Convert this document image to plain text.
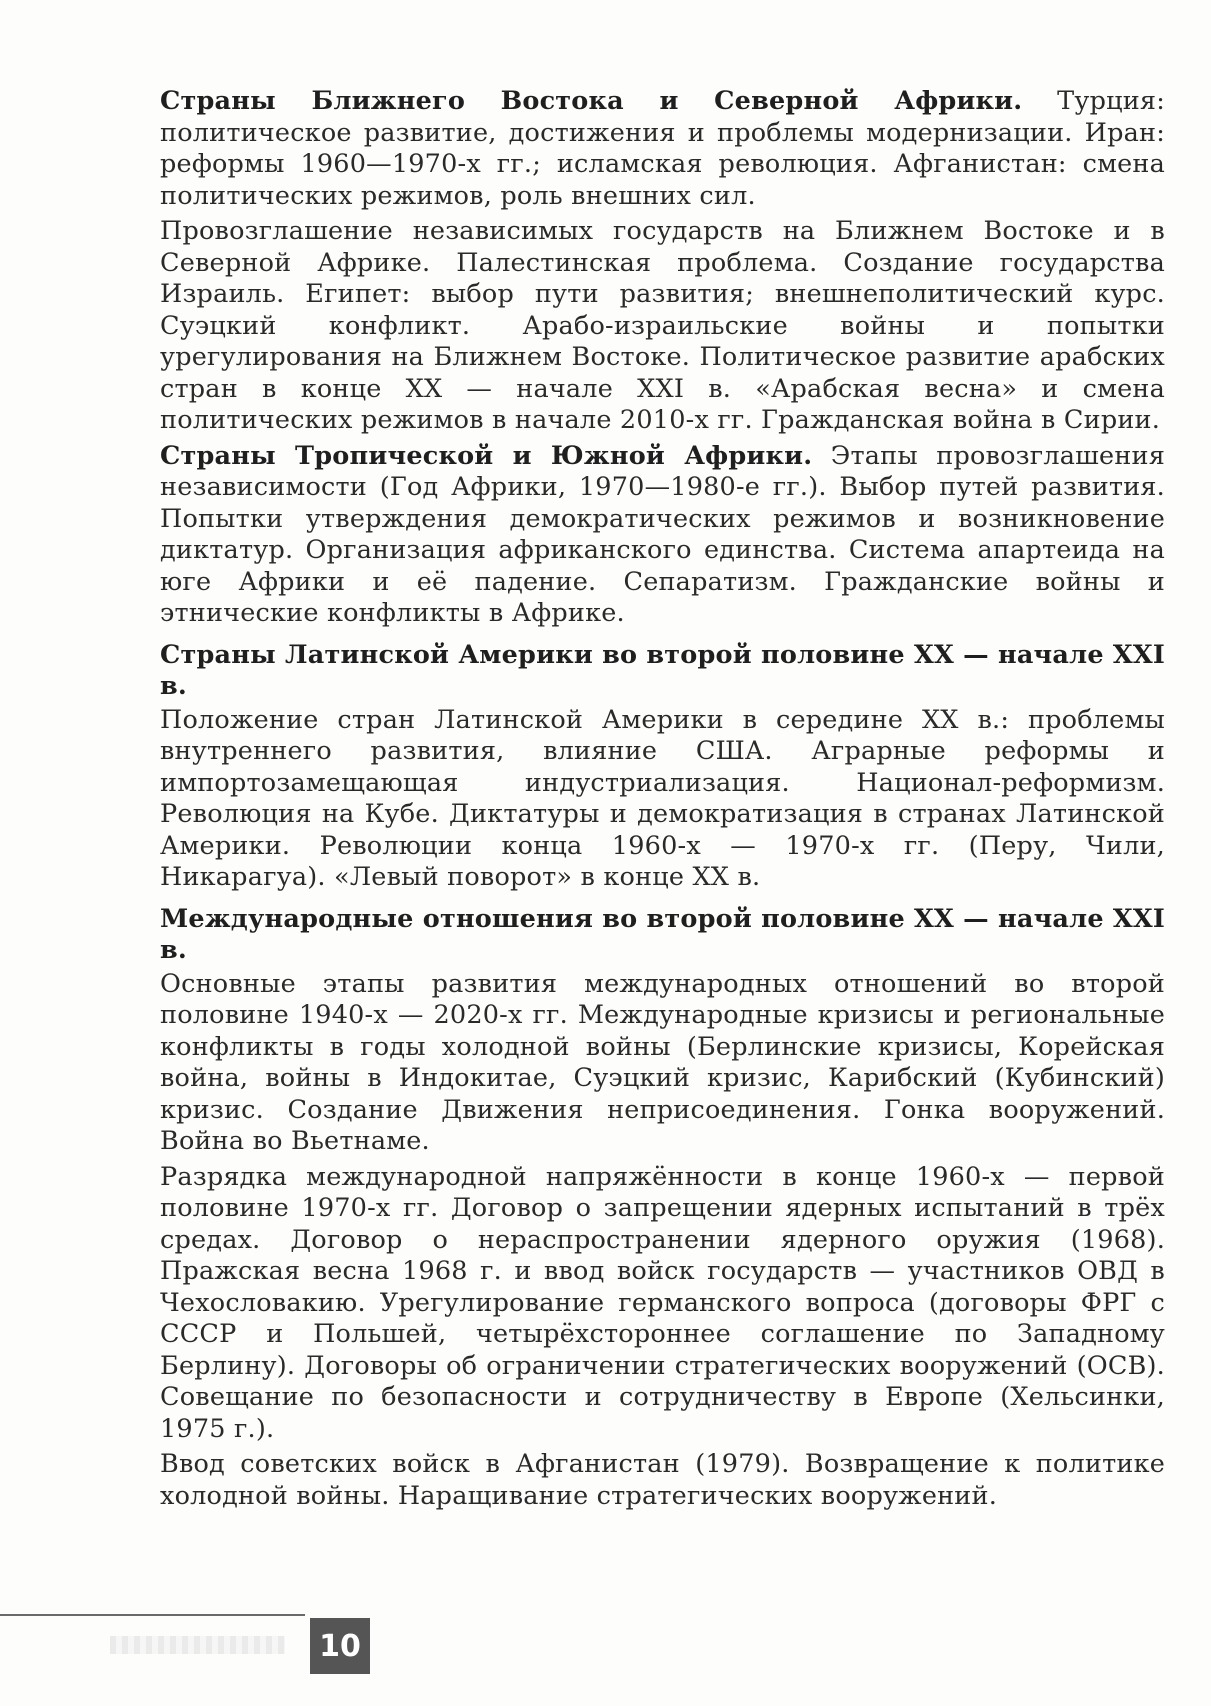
Страны Ближнего Востока и Северной Африки. Турция: политическое развитие, достижения и проблемы модернизации. Иран: реформы 1960—1970-х гг.; исламская революция. Афганистан: смена политических режимов, роль внешних сил.

Провозглашение независимых государств на Ближнем Востоке и в Северной Африке. Палестинская проблема. Создание государства Израиль. Египет: выбор пути развития; внешнеполитический курс. Суэцкий конфликт. Арабо-израильские войны и попытки урегулирования на Ближнем Востоке. Политическое развитие арабских стран в конце XX — начале XXI в. «Арабская весна» и смена политических режимов в начале 2010-х гг. Гражданская война в Сирии.

Страны Тропической и Южной Африки. Этапы провозглашения независимости (Год Африки, 1970—1980-е гг.). Выбор путей развития. Попытки утверждения демократических режимов и возникновение диктатур. Организация африканского единства. Система апартеида на юге Африки и её падение. Сепаратизм. Гражданские войны и этнические конфликты в Африке.

Страны Латинской Америки во второй половине XX — начале XXI в.

Положение стран Латинской Америки в середине XX в.: проблемы внутреннего развития, влияние США. Аграрные реформы и импортозамещающая индустриализация. Национал-реформизм. Революция на Кубе. Диктатуры и демократизация в странах Латинской Америки. Революции конца 1960-х — 1970-х гг. (Перу, Чили, Никарагуа). «Левый поворот» в конце XX в.

Международные отношения во второй половине XX — начале XXI в.

Основные этапы развития международных отношений во второй половине 1940-х — 2020-х гг. Международные кризисы и региональные конфликты в годы холодной войны (Берлинские кризисы, Корейская война, войны в Индокитае, Суэцкий кризис, Карибский (Кубинский) кризис. Создание Движения неприсоединения. Гонка вооружений. Война во Вьетнаме.

Разрядка международной напряжённости в конце 1960-х — первой половине 1970-х гг. Договор о запрещении ядерных испытаний в трёх средах. Договор о нераспространении ядерного оружия (1968). Пражская весна 1968 г. и ввод войск государств — участников ОВД в Чехословакию. Урегулирование германского вопроса (договоры ФРГ с СССР и Польшей, четырёхстороннее соглашение по Западному Берлину). Договоры об ограничении стратегических вооружений (ОСВ). Совещание по безопасности и сотрудничеству в Европе (Хельсинки, 1975 г.).

Ввод советских войск в Афганистан (1979). Возвращение к политике холодной войны. Наращивание стратегических вооружений.

10
